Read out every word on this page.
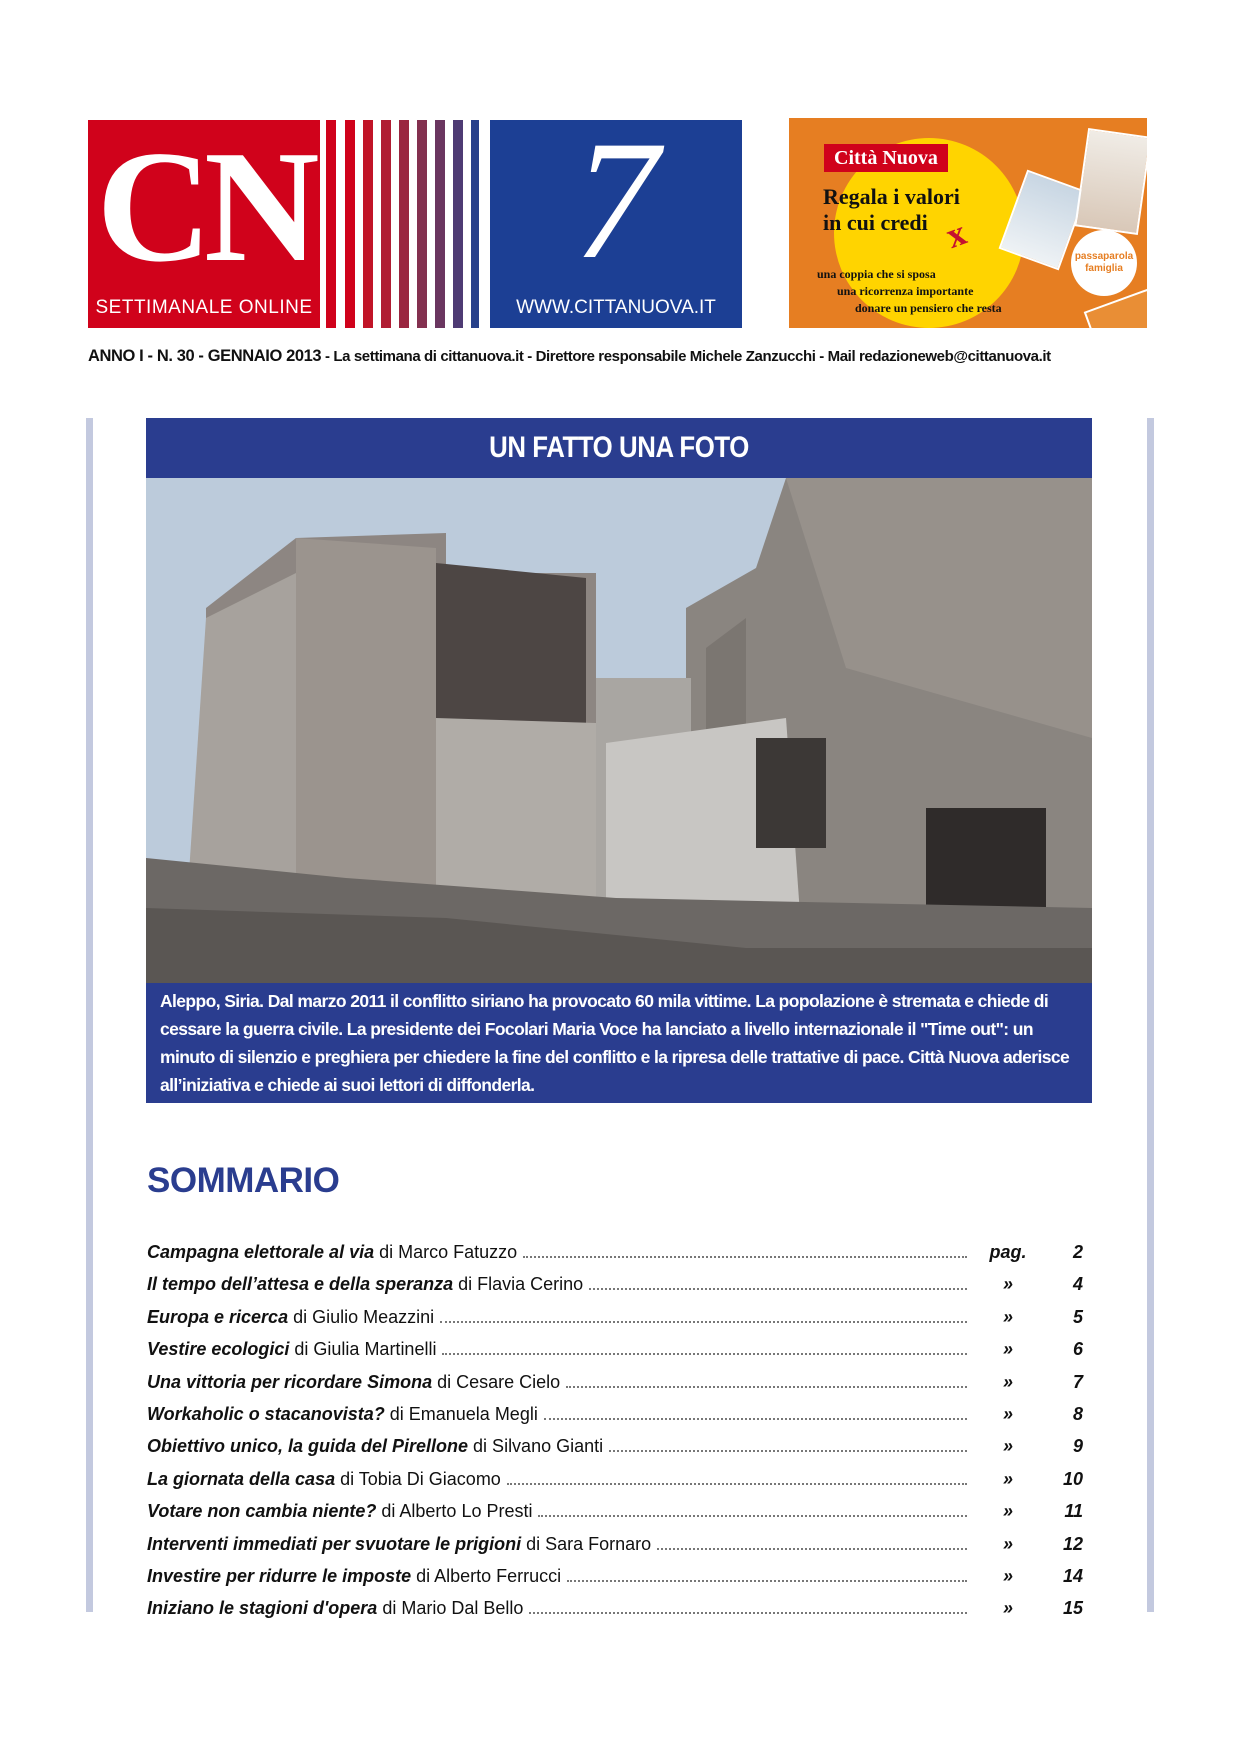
CN
SETTIMANALE ONLINE
7
WWW.CITTANUOVA.IT
passaparola famiglia
Città Nuova
Regala i valori in cui credi x
una coppia che si sposa
una ricorrenza importante
donare un pensiero che resta
ANNO I - N. 30 - GENNAIO 2013 - La settimana di cittanuova.it - Direttore responsabile Michele Zanzucchi - Mail redazioneweb@cittanuova.it
UN FATTO UNA FOTO
Aleppo, Siria. Dal marzo 2011 il conflitto siriano ha provocato 60 mila vittime. La popolazione è stremata e chiede di cessare la guerra civile. La presidente dei Focolari Maria Voce ha lanciato a livello internazionale il "Time out": un minuto di silenzio e preghiera per chiedere la fine del conflitto e la ripresa delle trattative di pace. Città Nuova aderisce all’iniziativa e chiede ai suoi lettori di diffonderla.
SOMMARIO
Campagna elettorale al via di Marco Fatuzzo	pag.	2
Il tempo dell’attesa e della speranza di Flavia Cerino	»	4
Europa e ricerca di Giulio Meazzini	»	5
Vestire ecologici di Giulia Martinelli	»	6
Una vittoria per ricordare Simona di Cesare Cielo	»	7
Workaholic o stacanovista? di Emanuela Megli	»	8
Obiettivo unico, la guida del Pirellone di Silvano Gianti	»	9
La giornata della casa di Tobia Di Giacomo	»	10
Votare non cambia niente? di Alberto Lo Presti	»	11
Interventi immediati per svuotare le prigioni di Sara Fornaro	»	12
Investire per ridurre le imposte di Alberto Ferrucci	»	14
Iniziano le stagioni d'opera di Mario Dal Bello	»	15
